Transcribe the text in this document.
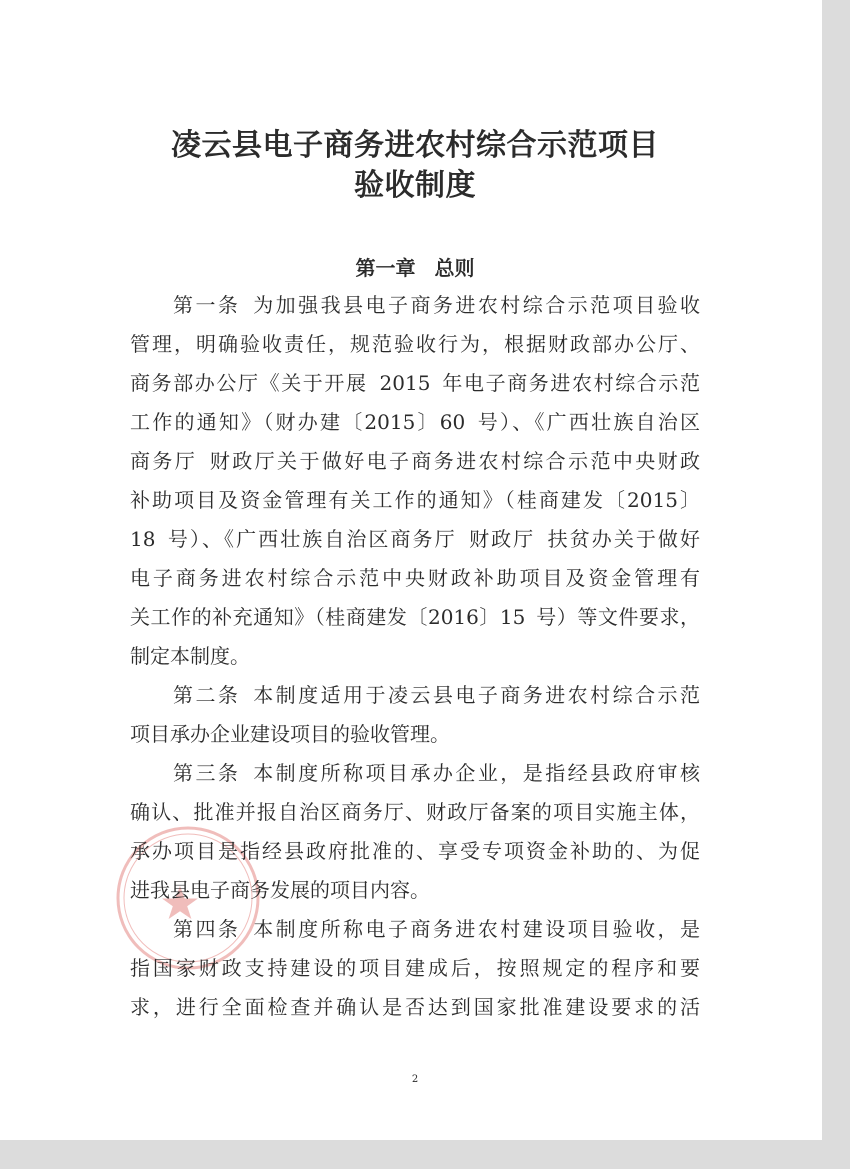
凌云县电子商务进农村综合示范项目
验收制度
第一章 总则
第一条 为加强我县电子商务进农村综合示范项目验收
管理，明确验收责任，规范验收行为，根据财政部办公厅、
商务部办公厅《关于开展 2015 年电子商务进农村综合示范
工作的通知》（财办建〔2015〕60 号）、《广西壮族自治区
商务厅 财政厅关于做好电子商务进农村综合示范中央财政
补助项目及资金管理有关工作的通知》（桂商建发〔2015〕
18 号）、《广西壮族自治区商务厅 财政厅 扶贫办关于做好
电子商务进农村综合示范中央财政补助项目及资金管理有
关工作的补充通知》（桂商建发〔2016〕15 号）等文件要求，
制定本制度。
第二条 本制度适用于凌云县电子商务进农村综合示范
项目承办企业建设项目的验收管理。
第三条 本制度所称项目承办企业，是指经县政府审核
确认、批准并报自治区商务厅、财政厅备案的项目实施主体，
承办项目是指经县政府批准的、享受专项资金补助的、为促
进我县电子商务发展的项目内容。
第四条 本制度所称电子商务进农村建设项目验收，是
指国家财政支持建设的项目建成后，按照规定的程序和要
求，进行全面检查并确认是否达到国家批准建设要求的活
2
